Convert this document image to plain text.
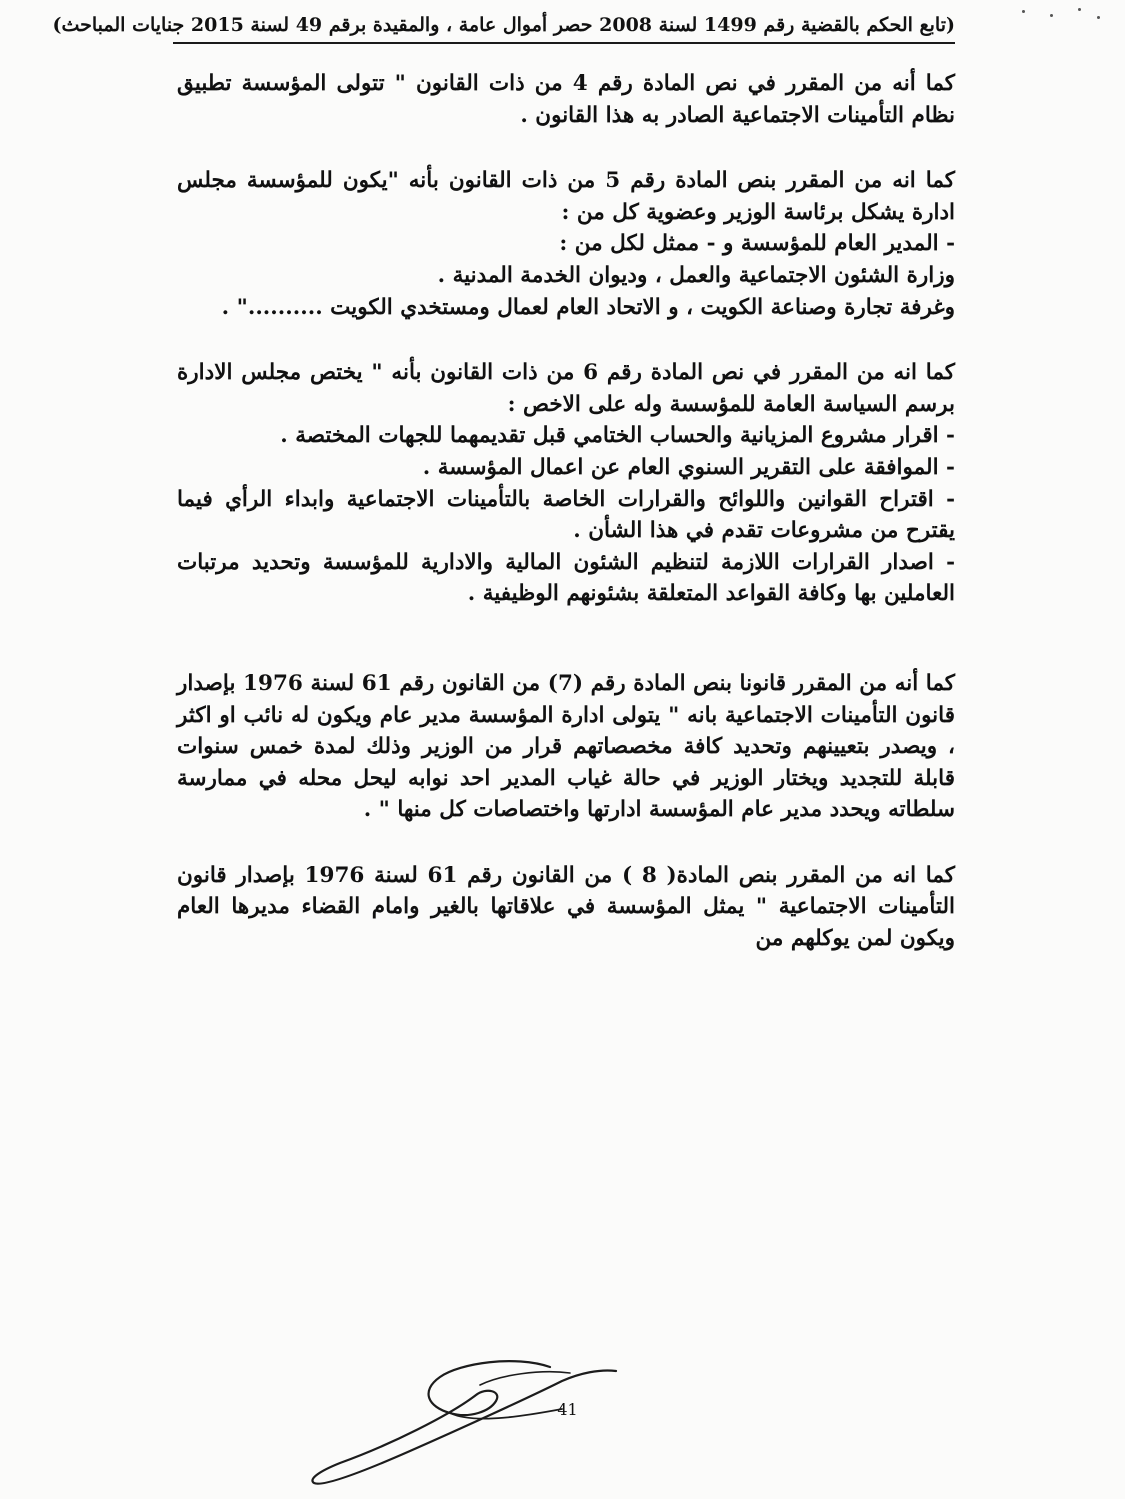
(تابع الحكم بالقضية رقم 1499 لسنة 2008 حصر أموال عامة ، والمقيدة برقم 49 لسنة 2015 جنايات المباحث)

كما أنه من المقرر في نص المادة رقم 4 من ذات القانون " تتولى المؤسسة تطبيق نظام التأمينات الاجتماعية الصادر به هذا القانون .

كما انه من المقرر بنص المادة رقم 5 من ذات القانون بأنه "يكون للمؤسسة مجلس ادارة يشكل برئاسة الوزير وعضوية كل من :

- المدير العام للمؤسسة و - ممثل لكل من :

وزارة الشئون الاجتماعية والعمل ، وديوان الخدمة المدنية .

وغرفة تجارة وصناعة الكويت ، و الاتحاد العام لعمال ومستخدي الكويت .........." .

كما انه من المقرر في نص المادة رقم 6 من ذات القانون بأنه " يختص مجلس الادارة برسم السياسة العامة للمؤسسة وله على الاخص :

- اقرار مشروع المزيانية والحساب الختامي قبل تقديمهما للجهات المختصة .

- الموافقة على التقرير السنوي العام عن اعمال المؤسسة .

- اقتراح القوانين واللوائح والقرارات الخاصة بالتأمينات الاجتماعية وابداء الرأي فيما يقترح من مشروعات تقدم في هذا الشأن .

- اصدار القرارات اللازمة لتنظيم الشئون المالية والادارية للمؤسسة وتحديد مرتبات العاملين بها وكافة القواعد المتعلقة بشئونهم الوظيفية .

كما أنه من المقرر قانونا بنص المادة رقم (7) من القانون رقم 61 لسنة 1976 بإصدار قانون التأمينات الاجتماعية بانه " يتولى ادارة المؤسسة مدير عام ويكون له نائب او اكثر ، ويصدر بتعيينهم وتحديد كافة مخصصاتهم قرار من الوزير وذلك لمدة خمس سنوات قابلة للتجديد ويختار الوزير في حالة غياب المدير احد نوابه ليحل محله في ممارسة سلطاته ويحدد مدير عام المؤسسة ادارتها واختصاصات كل منها " .

كما انه من المقرر بنص المادة( 8 ) من القانون رقم 61 لسنة 1976 بإصدار قانون التأمينات الاجتماعية " يمثل المؤسسة في علاقاتها بالغير وامام القضاء مديرها العام ويكون لمن يوكلهم من

41
